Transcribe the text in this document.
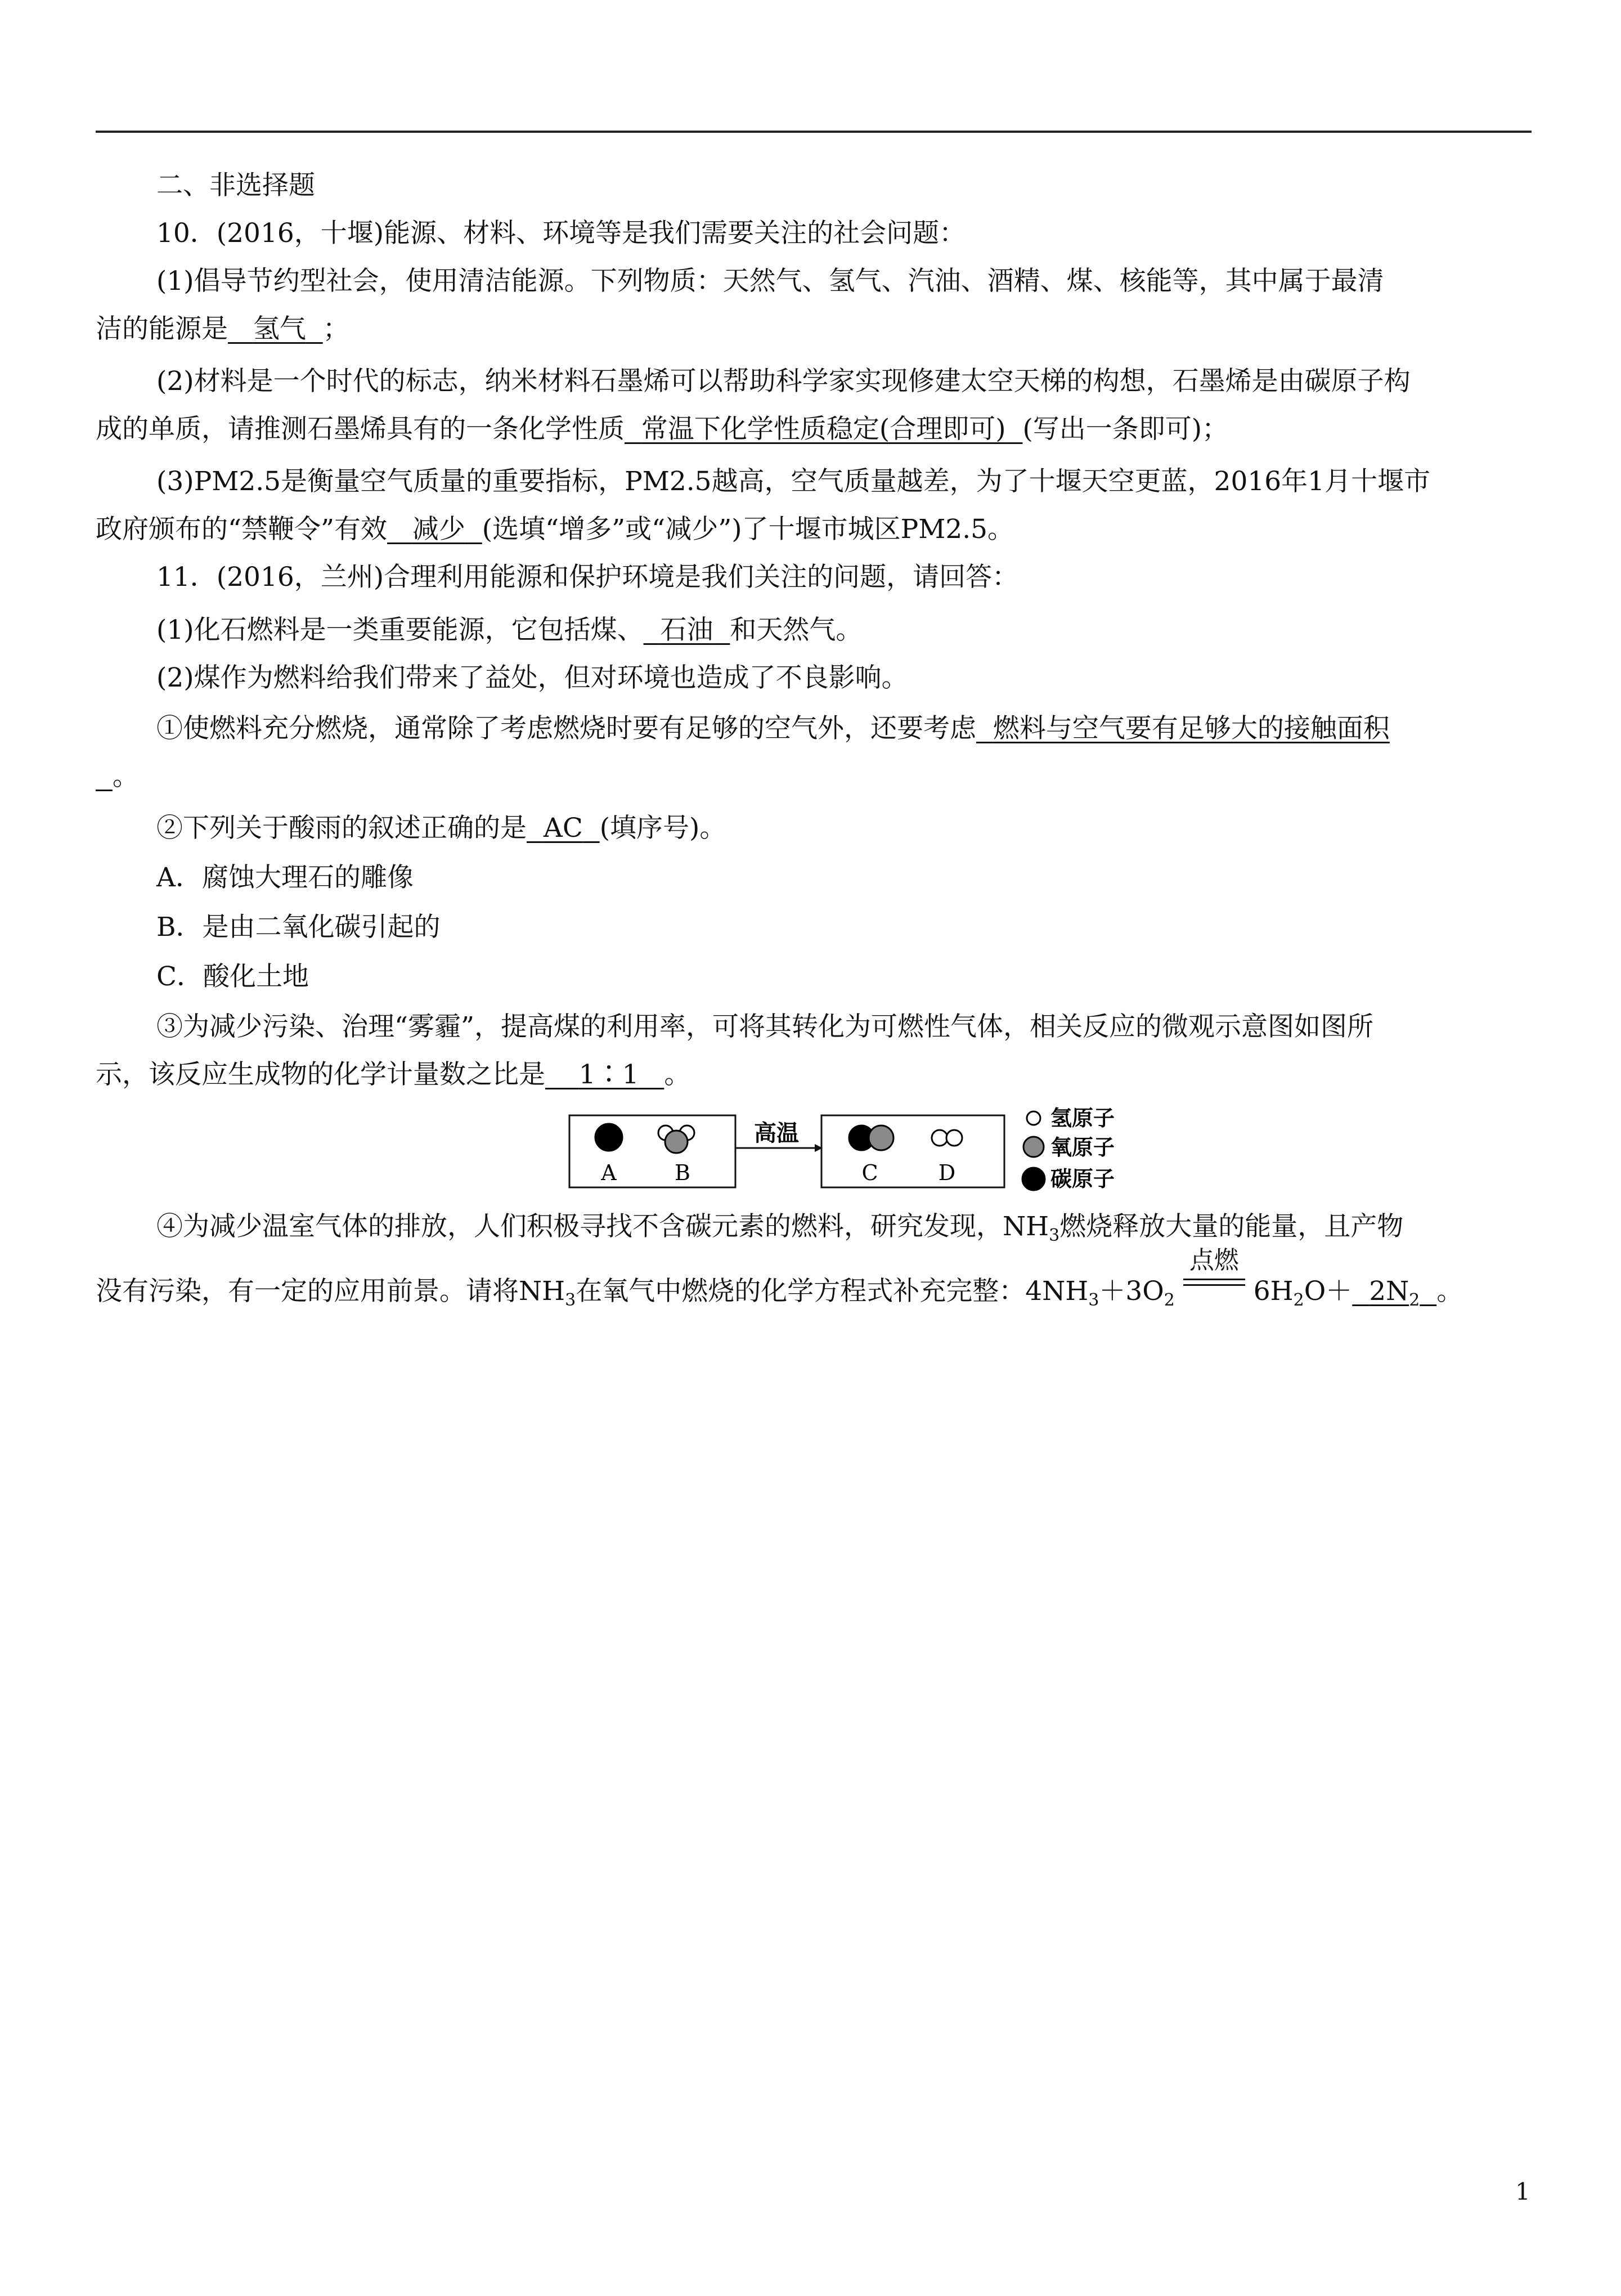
二、非选择题
10．(2016，十堰)能源、材料、环境等是我们需要关注的社会问题：
(1)倡导节约型社会，使用清洁能源。下列物质：天然气、氢气、汽油、酒精、煤、核能等，其中属于最清
洁的能源是 氢气 ；
(2)材料是一个时代的标志，纳米材料石墨烯可以帮助科学家实现修建太空天梯的构想，石墨烯是由碳原子构
成的单质，请推测石墨烯具有的一条化学性质 常温下化学性质稳定(合理即可) (写出一条即可)；
(3)PM2.5是衡量空气质量的重要指标，PM2.5越高，空气质量越差，为了十堰天空更蓝，2016年1月十堰市
政府颁布的“禁鞭令”有效 减少 (选填“增多”或“减少”)了十堰市城区PM2.5。
11．(2016，兰州)合理利用能源和保护环境是我们关注的问题，请回答：
(1)化石燃料是一类重要能源，它包括煤、 石油 和天然气。
(2)煤作为燃料给我们带来了益处，但对环境也造成了不良影响。
①使燃料充分燃烧，通常除了考虑燃烧时要有足够的空气外，还要考虑 燃料与空气要有足够大的接触面积
。
②下列关于酸雨的叙述正确的是 AC (填序号)。
A．腐蚀大理石的雕像
B．是由二氧化碳引起的
C．酸化土地
③为减少污染、治理“雾霾”，提高煤的利用率，可将其转化为可燃性气体，相关反应的微观示意图如图所
示，该反应生成物的化学计量数之比是 1∶1 。
高温
A	B	C	D
氢原子
氧原子
碳原子
④为减少温室气体的排放，人们积极寻找不含碳元素的燃料，研究发现，$NH_3$燃烧释放大量的能量，且产物
没有污染，有一定的应用前景。请将$NH_3$在氧气中燃烧的化学方程式补充完整：$4NH_3+3O_2$
点燃
$6H_2O+ 2N_2$ 。
1
